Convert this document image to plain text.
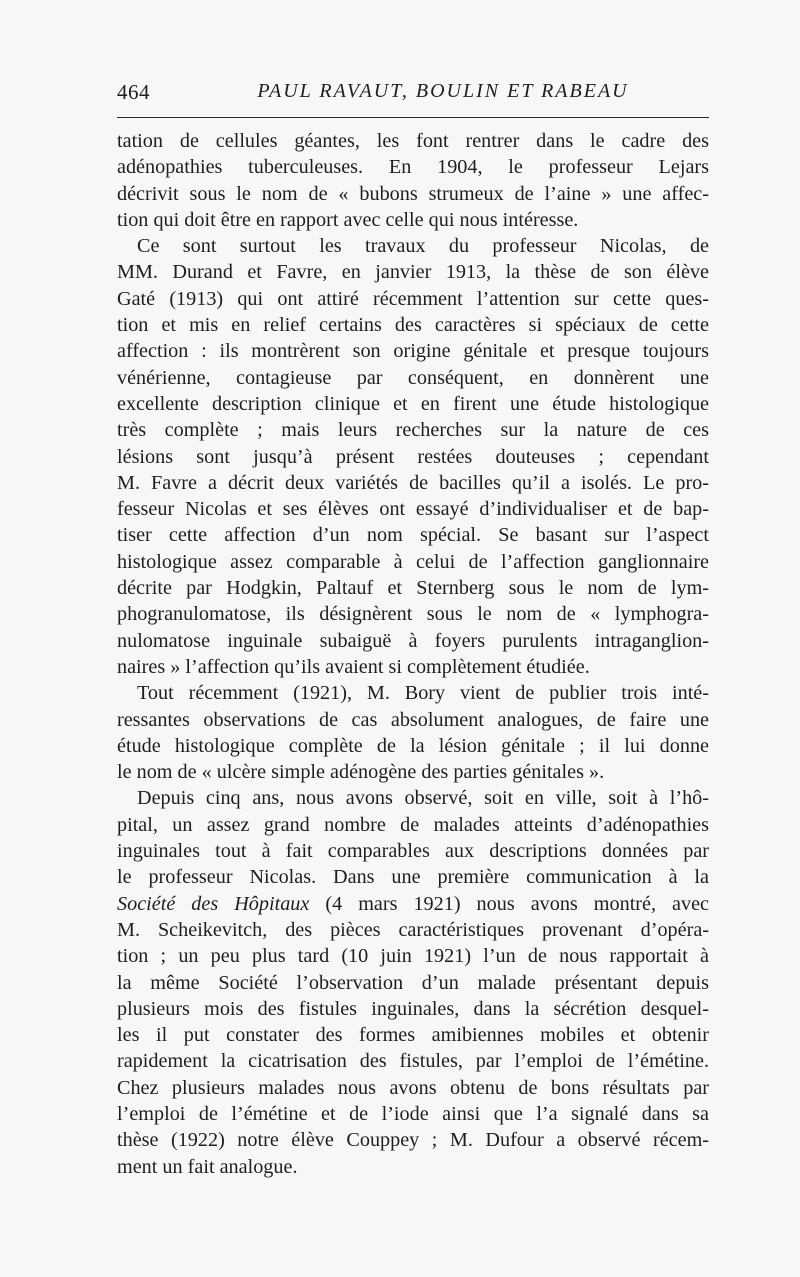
464	PAUL RAVAUT, BOULIN ET RABEAU
tation de cellules géantes, les font rentrer dans le cadre des
adénopathies tuberculeuses. En 1904, le professeur Lejars
décrivit sous le nom de « bubons strumeux de l’aine » une affec-
tion qui doit être en rapport avec celle qui nous intéresse.
Ce sont surtout les travaux du professeur Nicolas, de
MM. Durand et Favre, en janvier 1913, la thèse de son élève
Gaté (1913) qui ont attiré récemment l’attention sur cette ques-
tion et mis en relief certains des caractères si spéciaux de cette
affection : ils montrèrent son origine génitale et presque toujours
vénérienne, contagieuse par conséquent, en donnèrent une
excellente description clinique et en firent une étude histologique
très complète ; mais leurs recherches sur la nature de ces
lésions sont jusqu’à présent restées douteuses ; cependant
M. Favre a décrit deux variétés de bacilles qu’il a isolés. Le pro-
fesseur Nicolas et ses élèves ont essayé d’individualiser et de bap-
tiser cette affection d’un nom spécial. Se basant sur l’aspect
histologique assez comparable à celui de l’affection ganglionnaire
décrite par Hodgkin, Paltauf et Sternberg sous le nom de lym-
phogranulomatose, ils désignèrent sous le nom de « lymphogra-
nulomatose inguinale subaiguë à foyers purulents intraganglion-
naires » l’affection qu’ils avaient si complètement étudiée.
Tout récemment (1921), M. Bory vient de publier trois inté-
ressantes observations de cas absolument analogues, de faire une
étude histologique complète de la lésion génitale ; il lui donne
le nom de « ulcère simple adénogène des parties génitales ».
Depuis cinq ans, nous avons observé, soit en ville, soit à l’hô-
pital, un assez grand nombre de malades atteints d’adénopathies
inguinales tout à fait comparables aux descriptions données par
le professeur Nicolas. Dans une première communication à la
Société des Hôpitaux (4 mars 1921) nous avons montré, avec
M. Scheikevitch, des pièces caractéristiques provenant d’opéra-
tion ; un peu plus tard (10 juin 1921) l’un de nous rapportait à
la même Société l’observation d’un malade présentant depuis
plusieurs mois des fistules inguinales, dans la sécrétion desquel-
les il put constater des formes amibiennes mobiles et obtenir
rapidement la cicatrisation des fistules, par l’emploi de l’émétine.
Chez plusieurs malades nous avons obtenu de bons résultats par
l’emploi de l’émétine et de l’iode ainsi que l’a signalé dans sa
thèse (1922) notre élève Couppey ; M. Dufour a observé récem-
ment un fait analogue.
